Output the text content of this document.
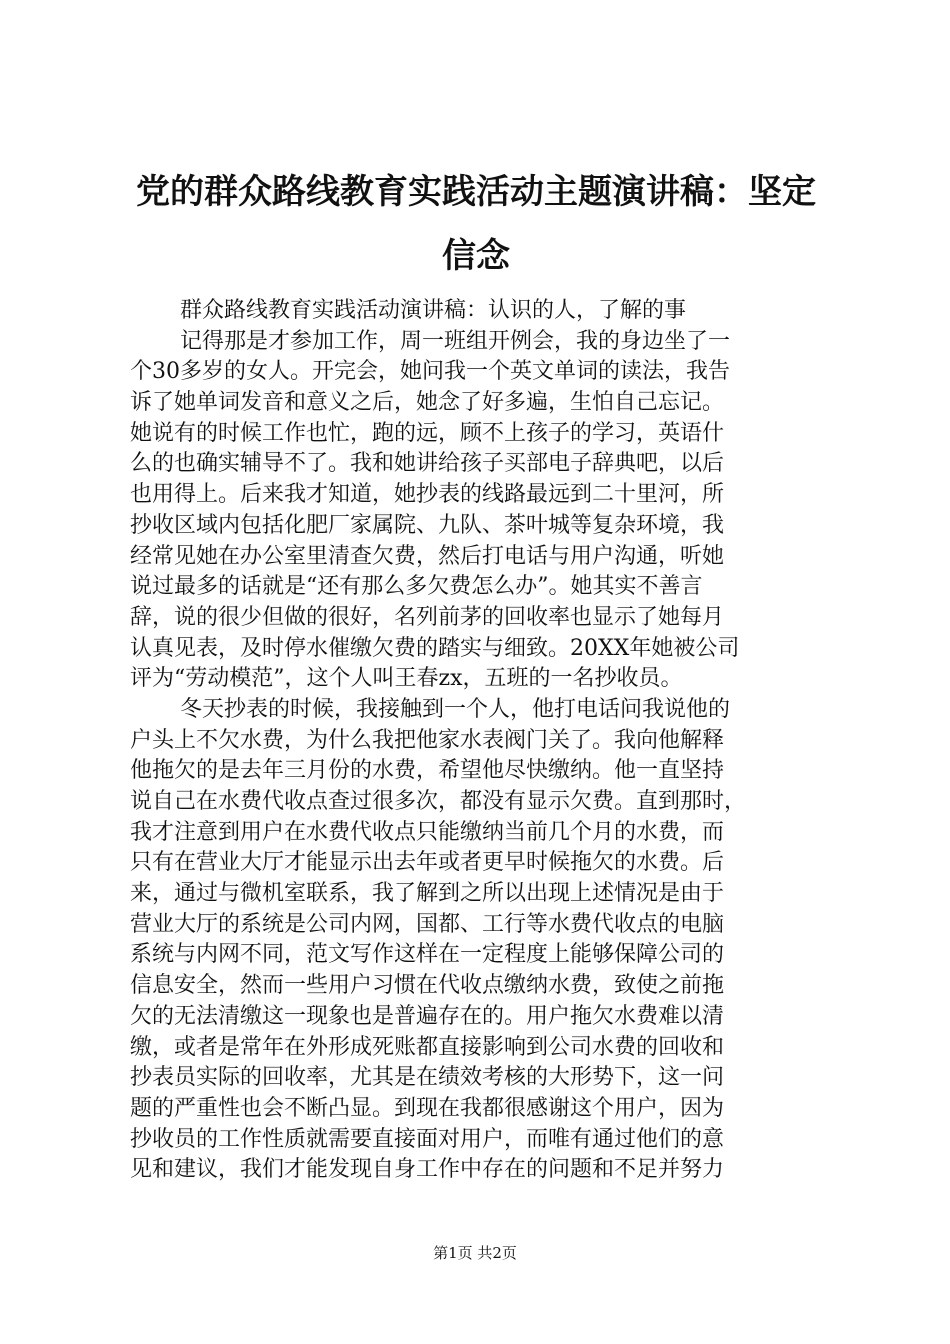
党的群众路线教育实践活动主题演讲稿：坚定
信念
群众路线教育实践活动演讲稿：认识的人，了解的事
记得那是才参加工作，周一班组开例会，我的身边坐了一
个30多岁的女人。开完会，她问我一个英文单词的读法，我告
诉了她单词发音和意义之后，她念了好多遍，生怕自己忘记。
她说有的时候工作也忙，跑的远，顾不上孩子的学习，英语什
么的也确实辅导不了。我和她讲给孩子买部电子辞典吧，以后
也用得上。后来我才知道，她抄表的线路最远到二十里河，所
抄收区域内包括化肥厂家属院、九队、茶叶城等复杂环境，我
经常见她在办公室里清查欠费，然后打电话与用户沟通，听她
说过最多的话就是“还有那么多欠费怎么办”。她其实不善言
辞，说的很少但做的很好，名列前茅的回收率也显示了她每月
认真见表，及时停水催缴欠费的踏实与细致。20XX年她被公司
评为“劳动模范”，这个人叫王春zx，五班的一名抄收员。
冬天抄表的时候，我接触到一个人，他打电话问我说他的
户头上不欠水费，为什么我把他家水表阀门关了。我向他解释
他拖欠的是去年三月份的水费，希望他尽快缴纳。他一直坚持
说自己在水费代收点查过很多次，都没有显示欠费。直到那时，
我才注意到用户在水费代收点只能缴纳当前几个月的水费，而
只有在营业大厅才能显示出去年或者更早时候拖欠的水费。后
来，通过与微机室联系，我了解到之所以出现上述情况是由于
营业大厅的系统是公司内网，国都、工行等水费代收点的电脑
系统与内网不同，范文写作这样在一定程度上能够保障公司的
信息安全，然而一些用户习惯在代收点缴纳水费，致使之前拖
欠的无法清缴这一现象也是普遍存在的。用户拖欠水费难以清
缴，或者是常年在外形成死账都直接影响到公司水费的回收和
抄表员实际的回收率，尤其是在绩效考核的大形势下，这一问
题的严重性也会不断凸显。到现在我都很感谢这个用户，因为
抄收员的工作性质就需要直接面对用户，而唯有通过他们的意
见和建议，我们才能发现自身工作中存在的问题和不足并努力
第1页 共2页
